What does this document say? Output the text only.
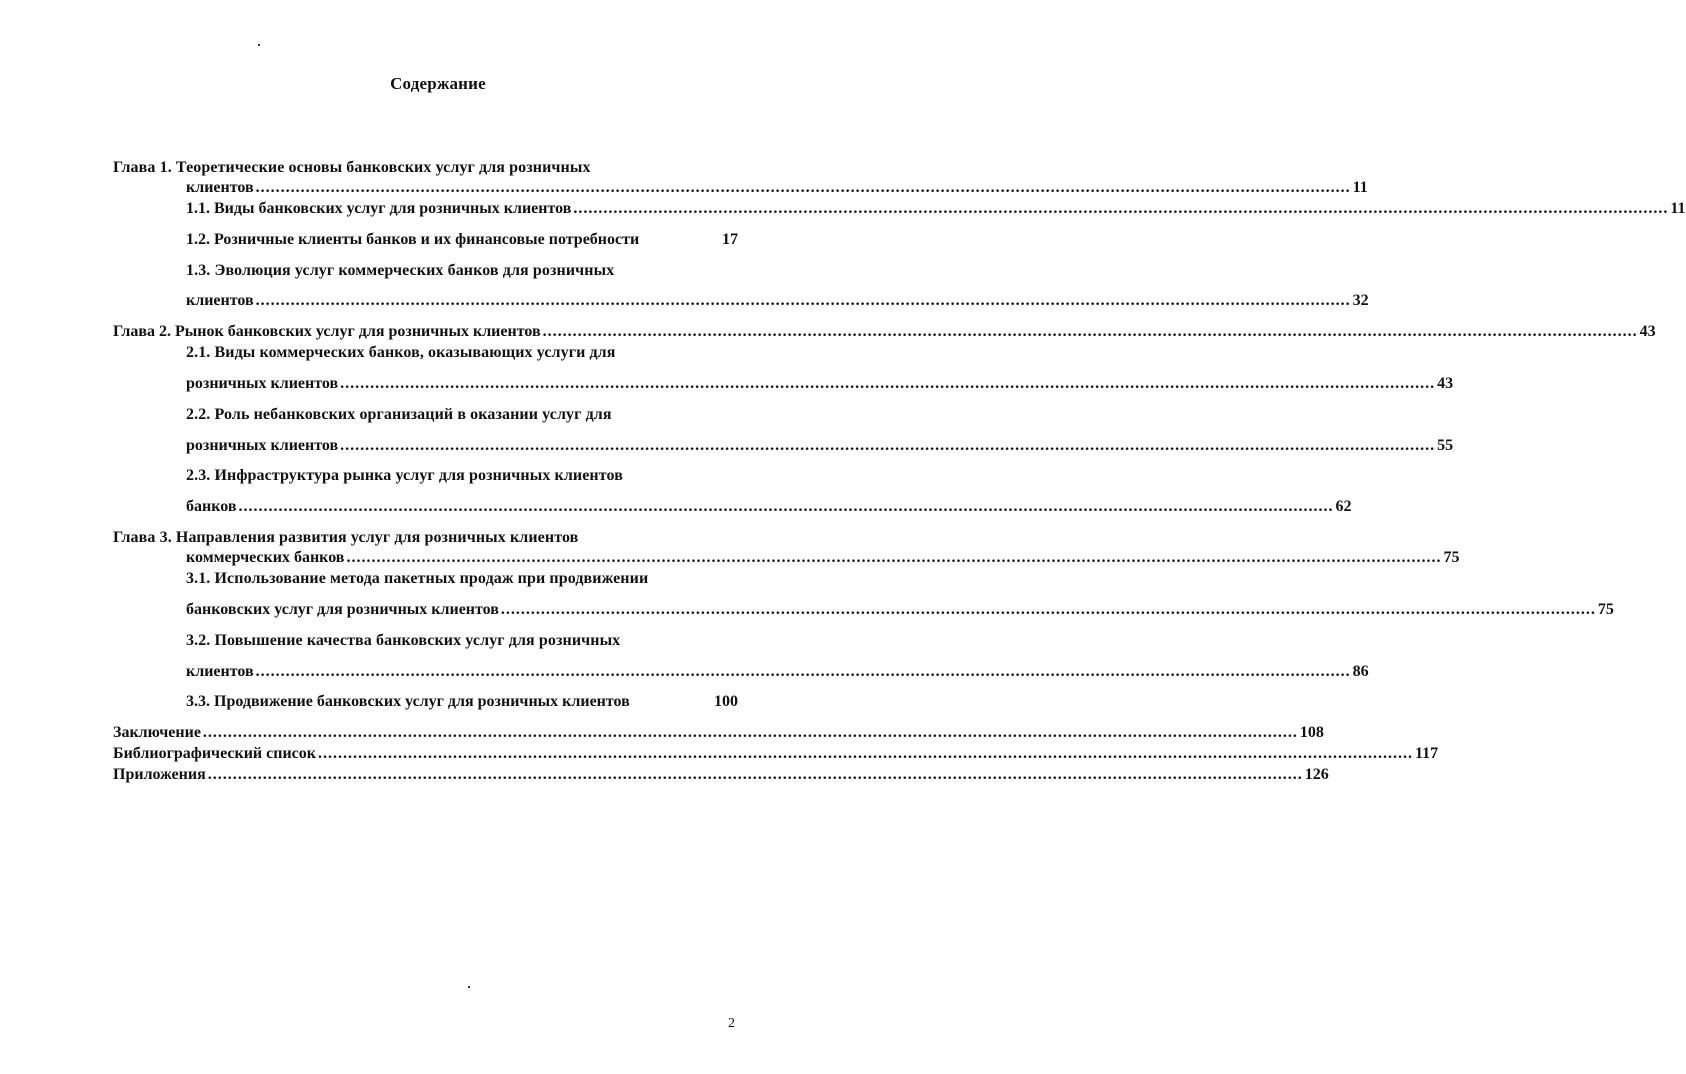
Содержание
Глава 1. Теоретические основы банковских услуг для розничных
клиентов ........................................................................................................................................................................................................................... 11
1.1. Виды банковских услуг для розничных клиентов ........................................................................................................................................................................................................................... 11
1.2. Розничные клиенты банков и их финансовые потребности	17
1.3. Эволюция услуг коммерческих банков для розничных
клиентов ........................................................................................................................................................................................................................... 32
Глава 2. Рынок банковских услуг для розничных клиентов ........................................................................................................................................................................................................................... 43
2.1. Виды коммерческих банков, оказывающих услуги для
розничных клиентов ........................................................................................................................................................................................................................... 43
2.2. Роль небанковских организаций в оказании услуг для
розничных клиентов ........................................................................................................................................................................................................................... 55
2.3. Инфраструктура рынка услуг для розничных клиентов
банков ........................................................................................................................................................................................................................... 62
Глава 3. Направления развития услуг для розничных клиентов
коммерческих банков ........................................................................................................................................................................................................................... 75
3.1. Использование метода пакетных продаж при продвижении
банковских услуг для розничных клиентов ........................................................................................................................................................................................................................... 75
3.2. Повышение качества банковских услуг для розничных
клиентов ........................................................................................................................................................................................................................... 86
3.3. Продвижение банковских услуг для розничных клиентов	100
Заключение ........................................................................................................................................................................................................................... 108
Библиографический список ........................................................................................................................................................................................................................... 117
Приложения ........................................................................................................................................................................................................................... 126
2
